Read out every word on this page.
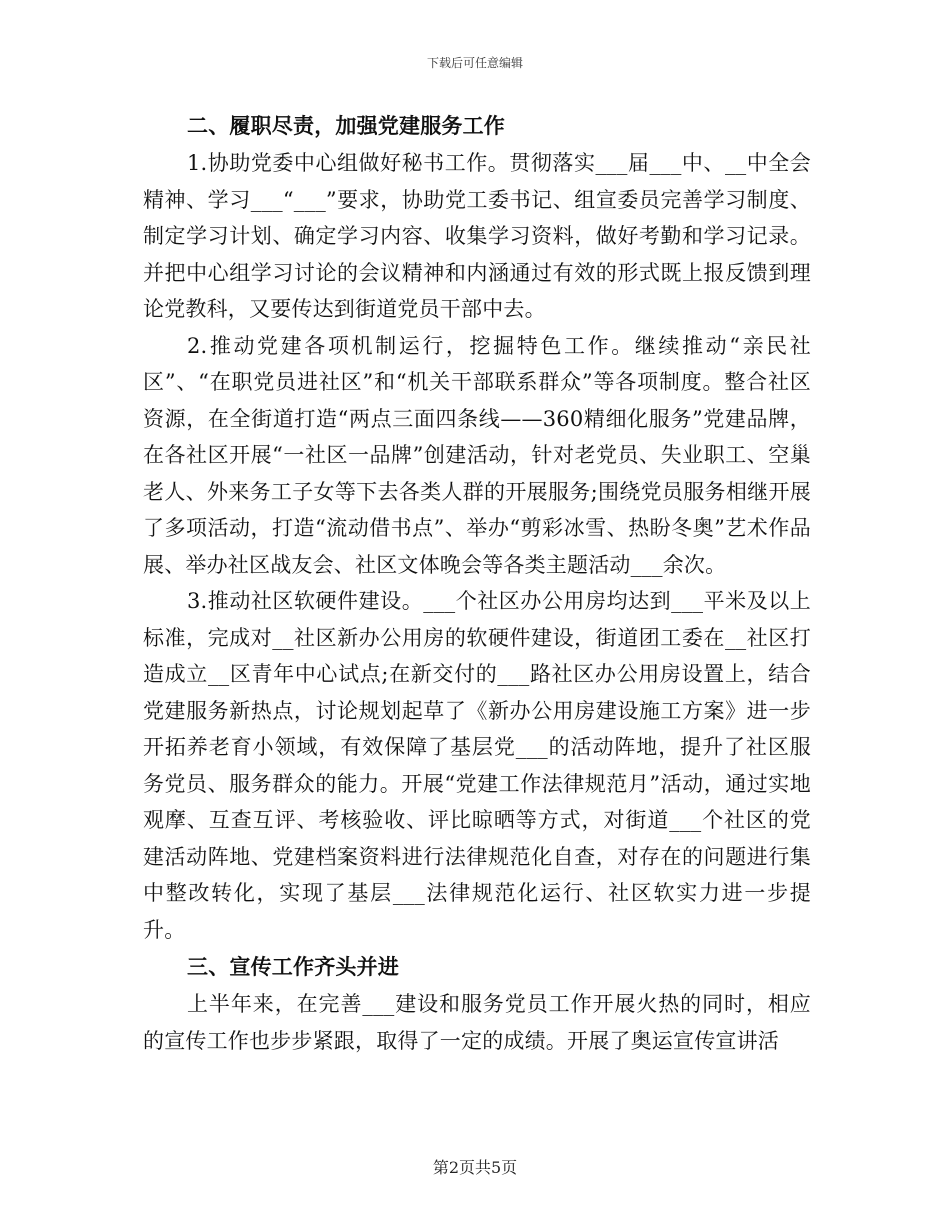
下载后可任意编辑
二、履职尽责，加强党建服务工作

1.协助党委中心组做好秘书工作。贯彻落实___届___中、__中全会精神、学习___“___”要求，协助党工委书记、组宣委员完善学习制度、制定学习计划、确定学习内容、收集学习资料，做好考勤和学习记录。并把中心组学习讨论的会议精神和内涵通过有效的形式既上报反馈到理论党教科，又要传达到街道党员干部中去。

2.推动党建各项机制运行，挖掘特色工作。继续推动“亲民社区”、“在职党员进社区”和“机关干部联系群众”等各项制度。整合社区资源，在全街道打造“两点三面四条线——360精细化服务”党建品牌，在各社区开展“一社区一品牌”创建活动，针对老党员、失业职工、空巢老人、外来务工子女等下去各类人群的开展服务;围绕党员服务相继开展了多项活动，打造“流动借书点”、举办“剪彩冰雪、热盼冬奥”艺术作品展、举办社区战友会、社区文体晚会等各类主题活动___余次。

3.推动社区软硬件建设。___个社区办公用房均达到___平米及以上标准，完成对__社区新办公用房的软硬件建设，街道团工委在__社区打造成立__区青年中心试点;在新交付的___路社区办公用房设置上，结合党建服务新热点，讨论规划起草了《新办公用房建设施工方案》进一步开拓养老育小领域，有效保障了基层党___的活动阵地，提升了社区服务党员、服务群众的能力。开展“党建工作法律规范月”活动，通过实地观摩、互查互评、考核验收、评比晾晒等方式，对街道___个社区的党建活动阵地、党建档案资料进行法律规范化自查，对存在的问题进行集中整改转化，实现了基层___法律规范化运行、社区软实力进一步提升。

三、宣传工作齐头并进

上半年来，在完善___建设和服务党员工作开展火热的同时，相应的宣传工作也步步紧跟，取得了一定的成绩。开展了奥运宣传宣讲活

第2页共5页
